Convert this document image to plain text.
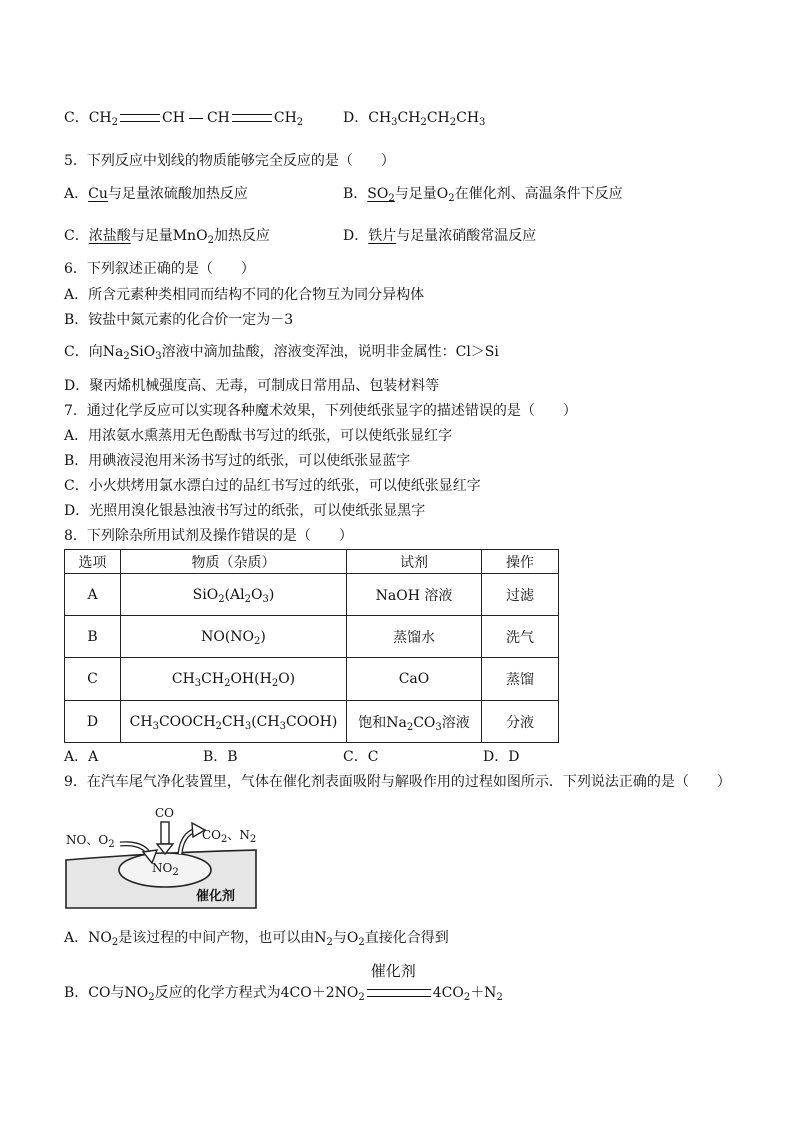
C．$CH_2$	CH CH	$CH_2$	D．$CH_3CH_2CH_2CH_3$
5．下列反应中划线的物质能够完全反应的是（　　）
A．Cu与足量浓硫酸加热反应	B．$SO_2$与足量$O_2$在催化剂、高温条件下反应
C．浓盐酸与足量MnO$_2$加热反应	D．铁片与足量浓硝酸常温反应
6．下列叙述正确的是（　　）
A．所含元素种类相同而结构不同的化合物互为同分异构体
B．铵盐中氮元素的化合价一定为－3
C．向$Na_2SiO_3$溶液中滴加盐酸，溶液变浑浊，说明非金属性：Cl＞Si
D．聚丙烯机械强度高、无毒，可制成日常用品、包装材料等
7．通过化学反应可以实现各种魔术效果，下列使纸张显字的描述错误的是（　　）
A．用浓氨水熏蒸用无色酚酞书写过的纸张，可以使纸张显红字
B．用碘液浸泡用米汤书写过的纸张，可以使纸张显蓝字
C．小火烘烤用氯水漂白过的品红书写过的纸张，可以使纸张显红字
D．光照用溴化银悬浊液书写过的纸张，可以使纸张显黑字
8．下列除杂所用试剂及操作错误的是（　　）
选项	物质（杂质）	试剂	操作
A	$SiO_2(Al_2O_3)$	NaOH 溶液	过滤
B	$NO(NO_2)$	蒸馏水	洗气
C	$CH_3CH_2OH(H_2O)$	CaO	蒸馏
D	$CH_3COOCH_2CH_3(CH_3COOH)$	饱和$Na_2CO_3$溶液	分液
A．A	B．B	C．C	D．D
9．在汽车尾气净化装置里，气体在催化剂表面吸附与解吸作用的过程如图所示．下列说法正确的是（　　）
NO、$O_2$
CO
$CO_2$、$N_2$
$NO_2$
催化剂
A．$NO_2$是该过程的中间产物，也可以由$N_2$与$O_2$直接化合得到
B．CO与$NO_2$反应的化学方程式为$4CO+2NO_2$
催化剂
$4CO_2+N_2$
